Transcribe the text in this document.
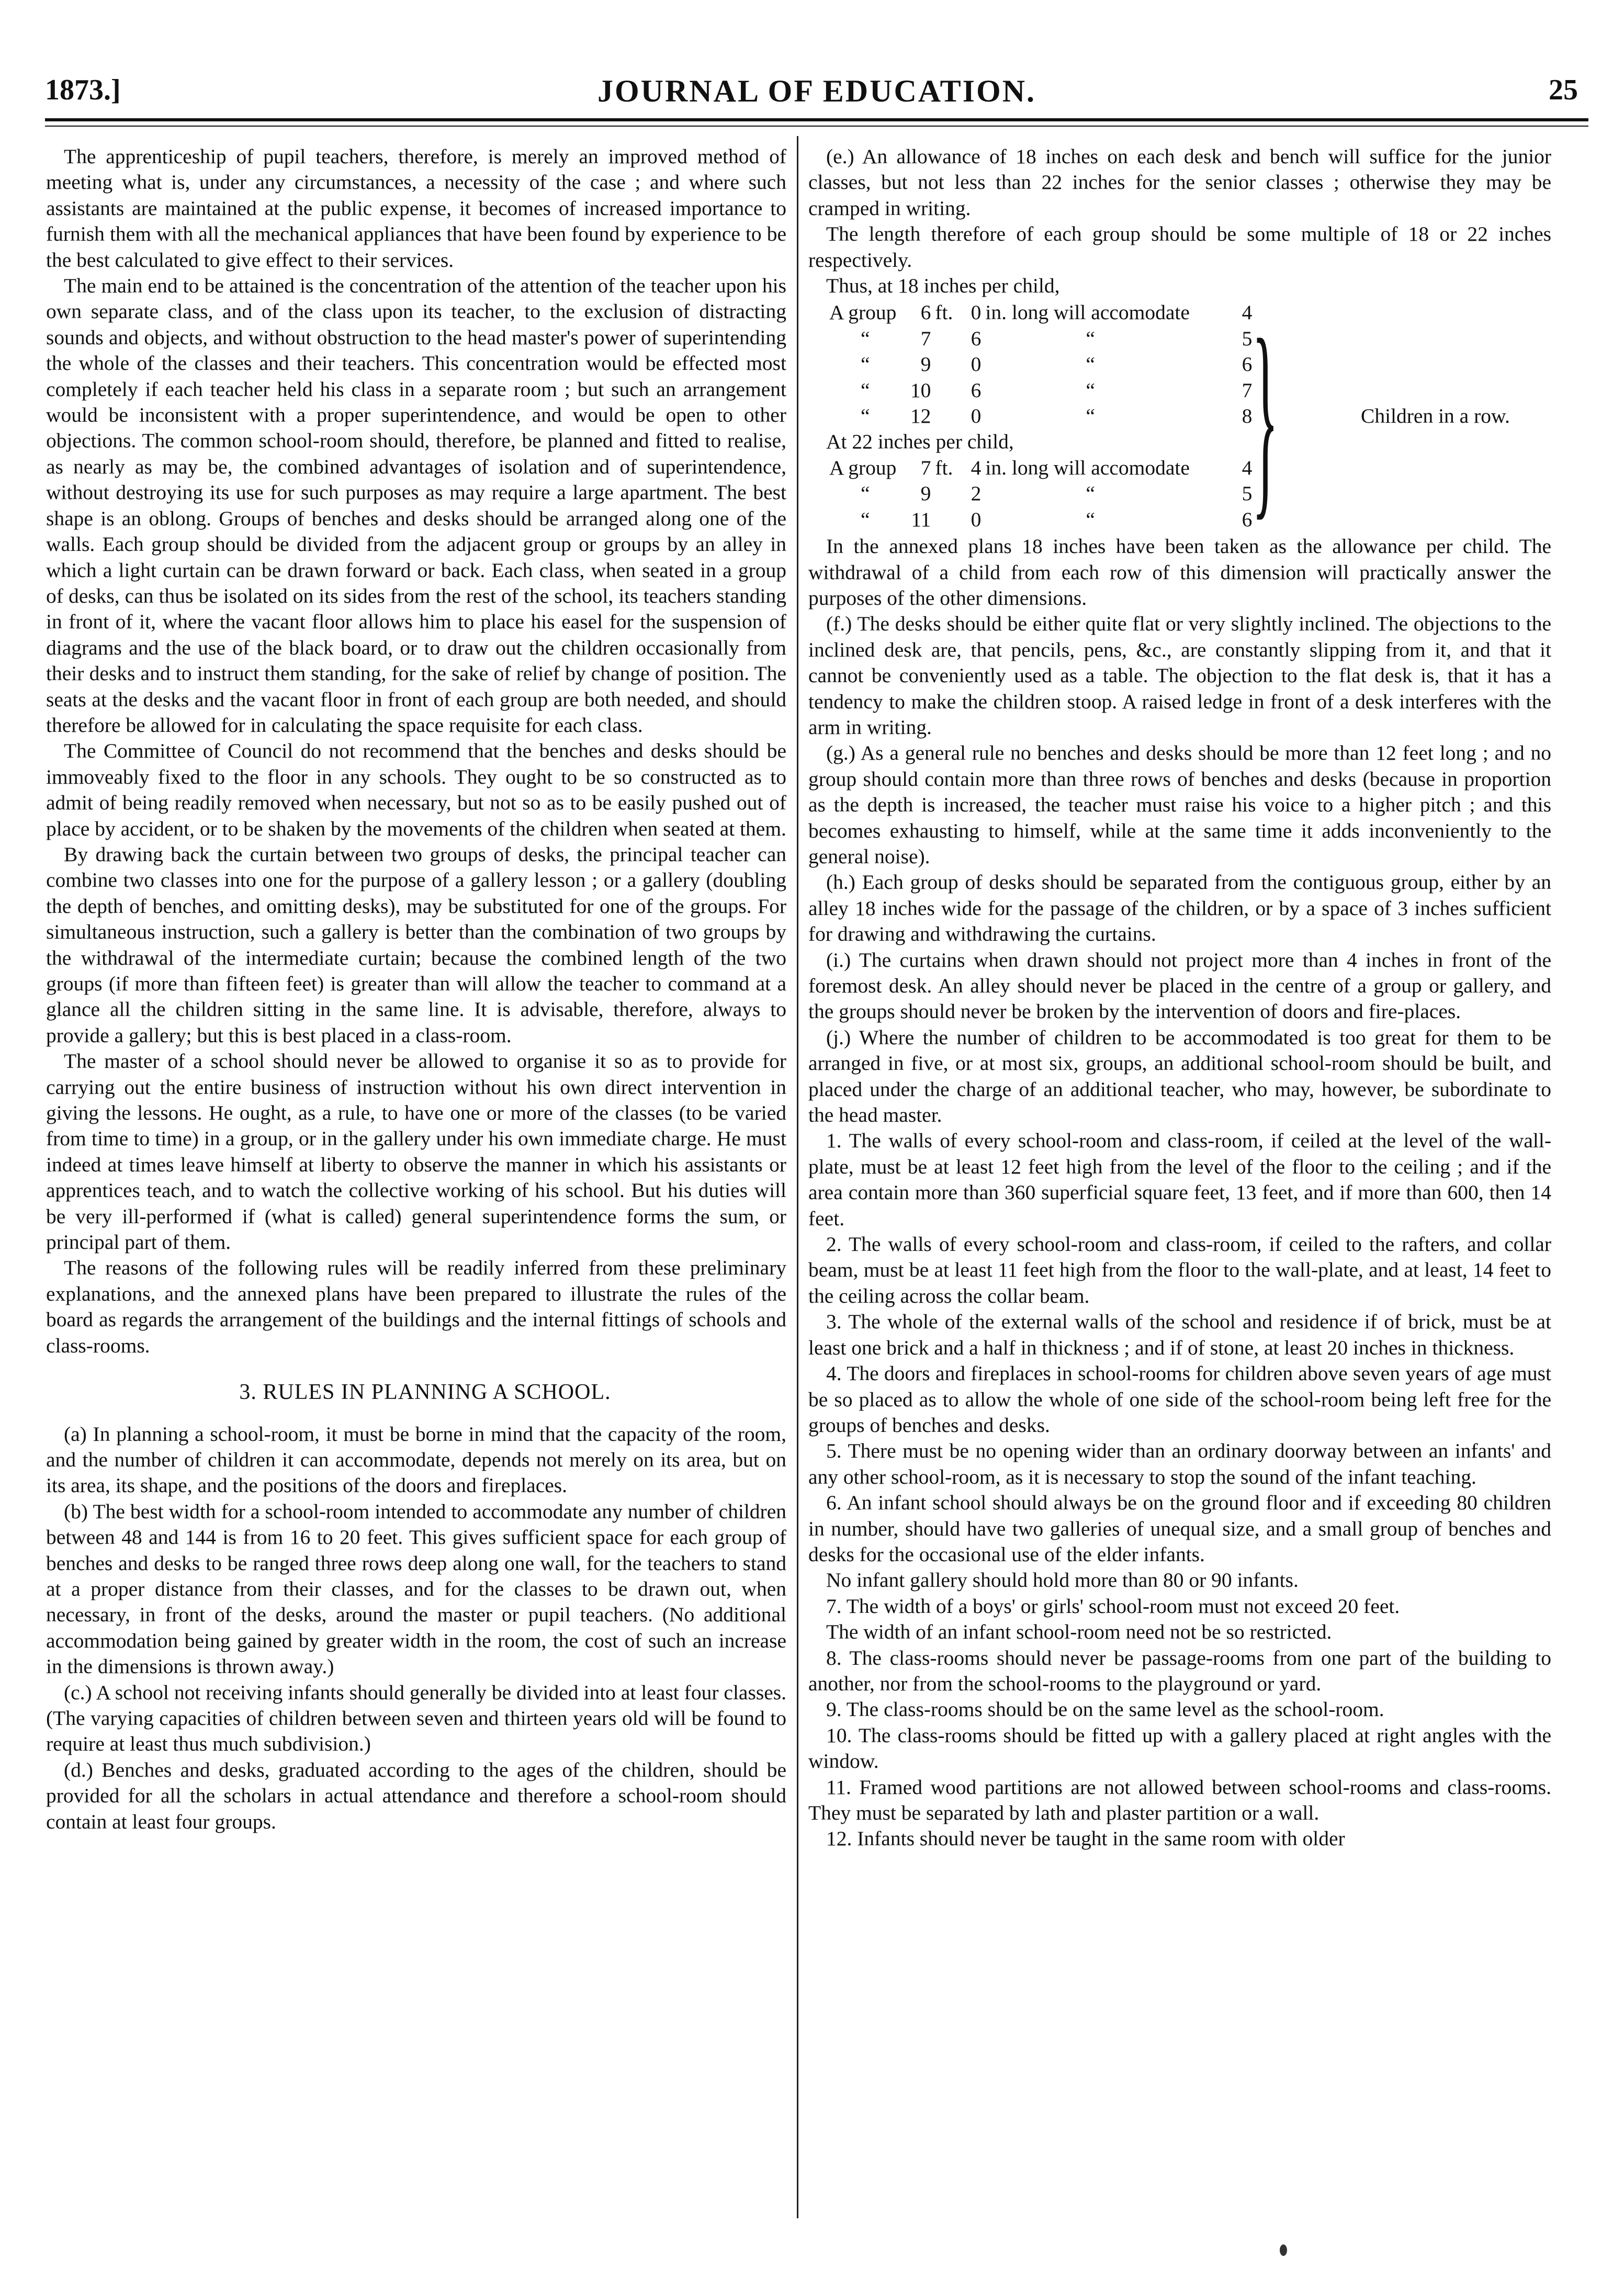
1873.]	JOURNAL OF EDUCATION.	25

The apprenticeship of pupil teachers, therefore, is merely an improved method of meeting what is, under any circumstances, a necessity of the case ; and where such assistants are maintained at the public expense, it becomes of increased importance to furnish them with all the mechanical appliances that have been found by experience to be the best calculated to give effect to their services.

The main end to be attained is the concentration of the attention of the teacher upon his own separate class, and of the class upon its teacher, to the exclusion of distracting sounds and objects, and without obstruction to the head master's power of superintending the whole of the classes and their teachers. This concentration would be effected most completely if each teacher held his class in a separate room ; but such an arrangement would be inconsistent with a proper superintendence, and would be open to other objections. The common school-room should, therefore, be planned and fitted to realise, as nearly as may be, the combined advantages of isolation and of superintendence, without destroying its use for such purposes as may require a large apartment. The best shape is an oblong. Groups of benches and desks should be arranged along one of the walls. Each group should be divided from the adjacent group or groups by an alley in which a light curtain can be drawn forward or back. Each class, when seated in a group of desks, can thus be isolated on its sides from the rest of the school, its teachers standing in front of it, where the vacant floor allows him to place his easel for the suspension of diagrams and the use of the black board, or to draw out the children occasionally from their desks and to instruct them standing, for the sake of relief by change of position. The seats at the desks and the vacant floor in front of each group are both needed, and should therefore be allowed for in calculating the space requisite for each class.

The Committee of Council do not recommend that the benches and desks should be immoveably fixed to the floor in any schools. They ought to be so constructed as to admit of being readily removed when necessary, but not so as to be easily pushed out of place by accident, or to be shaken by the movements of the children when seated at them.

By drawing back the curtain between two groups of desks, the principal teacher can combine two classes into one for the purpose of a gallery lesson ; or a gallery (doubling the depth of benches, and omitting desks), may be substituted for one of the groups. For simultaneous instruction, such a gallery is better than the combination of two groups by the withdrawal of the intermediate curtain; because the combined length of the two groups (if more than fifteen feet) is greater than will allow the teacher to command at a glance all the children sitting in the same line. It is advisable, therefore, always to provide a gallery; but this is best placed in a class-room.

The master of a school should never be allowed to organise it so as to provide for carrying out the entire business of instruction without his own direct intervention in giving the lessons. He ought, as a rule, to have one or more of the classes (to be varied from time to time) in a group, or in the gallery under his own immediate charge. He must indeed at times leave himself at liberty to observe the manner in which his assistants or apprentices teach, and to watch the collective working of his school. But his duties will be very ill-performed if (what is called) general superintendence forms the sum, or principal part of them.

The reasons of the following rules will be readily inferred from these preliminary explanations, and the annexed plans have been prepared to illustrate the rules of the board as regards the arrangement of the buildings and the internal fittings of schools and class-rooms.

3. RULES IN PLANNING A SCHOOL.

(a) In planning a school-room, it must be borne in mind that the capacity of the room, and the number of children it can accommodate, depends not merely on its area, but on its area, its shape, and the positions of the doors and fireplaces.

(b) The best width for a school-room intended to accommodate any number of children between 48 and 144 is from 16 to 20 feet. This gives sufficient space for each group of benches and desks to be ranged three rows deep along one wall, for the teachers to stand at a proper distance from their classes, and for the classes to be drawn out, when necessary, in front of the desks, around the master or pupil teachers. (No additional accommodation being gained by greater width in the room, the cost of such an increase in the dimensions is thrown away.)

(c.) A school not receiving infants should generally be divided into at least four classes. (The varying capacities of children between seven and thirteen years old will be found to require at least thus much subdivision.)

(d.) Benches and desks, graduated according to the ages of the children, should be provided for all the scholars in actual attendance and therefore a school-room should contain at least four groups.

(e.) An allowance of 18 inches on each desk and bench will suffice for the junior classes, but not less than 22 inches for the senior classes ; otherwise they may be cramped in writing.

The length therefore of each group should be some multiple of 18 or 22 inches respectively.

Thus, at 18 inches per child,

A group	6	ft.	0	in. long will accomodate	4	}	Children in a row.
“	7		6	“	5		
“	9		0	“	6		
“	10		6	“	7		
“	12		0	“	8		
At 22 inches per child,							
A group	7	ft.	4	in. long will accomodate	4		
“	9		2	“	5		
“	11		0	“	6		

In the annexed plans 18 inches have been taken as the allowance per child. The withdrawal of a child from each row of this dimension will practically answer the purposes of the other dimensions.

(f.) The desks should be either quite flat or very slightly inclined. The objections to the inclined desk are, that pencils, pens, &c., are constantly slipping from it, and that it cannot be conveniently used as a table. The objection to the flat desk is, that it has a tendency to make the children stoop. A raised ledge in front of a desk interferes with the arm in writing.

(g.) As a general rule no benches and desks should be more than 12 feet long ; and no group should contain more than three rows of benches and desks (because in proportion as the depth is increased, the teacher must raise his voice to a higher pitch ; and this becomes exhausting to himself, while at the same time it adds inconveniently to the general noise).

(h.) Each group of desks should be separated from the contiguous group, either by an alley 18 inches wide for the passage of the children, or by a space of 3 inches sufficient for drawing and withdrawing the curtains.

(i.) The curtains when drawn should not project more than 4 inches in front of the foremost desk. An alley should never be placed in the centre of a group or gallery, and the groups should never be broken by the intervention of doors and fire-places.

(j.) Where the number of children to be accommodated is too great for them to be arranged in five, or at most six, groups, an additional school-room should be built, and placed under the charge of an additional teacher, who may, however, be subordinate to the head master.

1. The walls of every school-room and class-room, if ceiled at the level of the wall-plate, must be at least 12 feet high from the level of the floor to the ceiling ; and if the area contain more than 360 superficial square feet, 13 feet, and if more than 600, then 14 feet.

2. The walls of every school-room and class-room, if ceiled to the rafters, and collar beam, must be at least 11 feet high from the floor to the wall-plate, and at least, 14 feet to the ceiling across the collar beam.

3. The whole of the external walls of the school and residence if of brick, must be at least one brick and a half in thickness ; and if of stone, at least 20 inches in thickness.

4. The doors and fireplaces in school-rooms for children above seven years of age must be so placed as to allow the whole of one side of the school-room being left free for the groups of benches and desks.

5. There must be no opening wider than an ordinary doorway between an infants' and any other school-room, as it is necessary to stop the sound of the infant teaching.

6. An infant school should always be on the ground floor and if exceeding 80 children in number, should have two galleries of unequal size, and a small group of benches and desks for the occasional use of the elder infants.

No infant gallery should hold more than 80 or 90 infants.

7. The width of a boys' or girls' school-room must not exceed 20 feet.

The width of an infant school-room need not be so restricted.

8. The class-rooms should never be passage-rooms from one part of the building to another, nor from the school-rooms to the playground or yard.

9. The class-rooms should be on the same level as the school-room.

10. The class-rooms should be fitted up with a gallery placed at right angles with the window.

11. Framed wood partitions are not allowed between school-rooms and class-rooms. They must be separated by lath and plaster partition or a wall.

12. Infants should never be taught in the same room with older
